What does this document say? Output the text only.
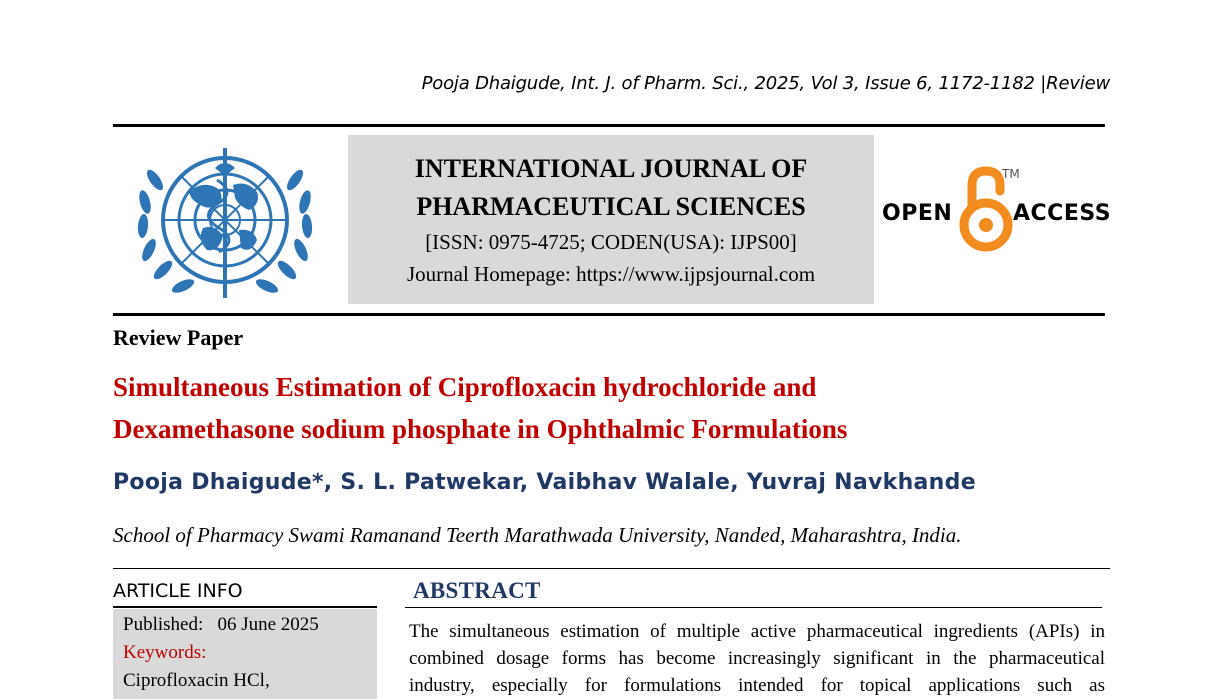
Pooja Dhaigude, Int. J. of Pharm. Sci., 2025, Vol 3, Issue 6, 1172-1182 |Review
INTERNATIONAL JOURNAL OF
PHARMACEUTICAL SCIENCES
[ISSN: 0975-4725; CODEN(USA): IJPS00]
Journal Homepage: https://www.ijpsjournal.com
OPEN
TM
ACCESS
Review Paper
Simultaneous Estimation of Ciprofloxacin hydrochloride and
Dexamethasone sodium phosphate in Ophthalmic Formulations
Pooja Dhaigude*, S. L. Patwekar, Vaibhav Walale, Yuvraj Navkhande
School of Pharmacy Swami Ramanand Teerth Marathwada University, Nanded, Maharashtra, India.
ARTICLE INFO
Published: 06 June 2025
Keywords:
Ciprofloxacin HCl,
ABSTRACT
The simultaneous estimation of multiple active pharmaceutical ingredients (APIs) in
combined dosage forms has become increasingly significant in the pharmaceutical
industry, especially for formulations intended for topical applications such as
